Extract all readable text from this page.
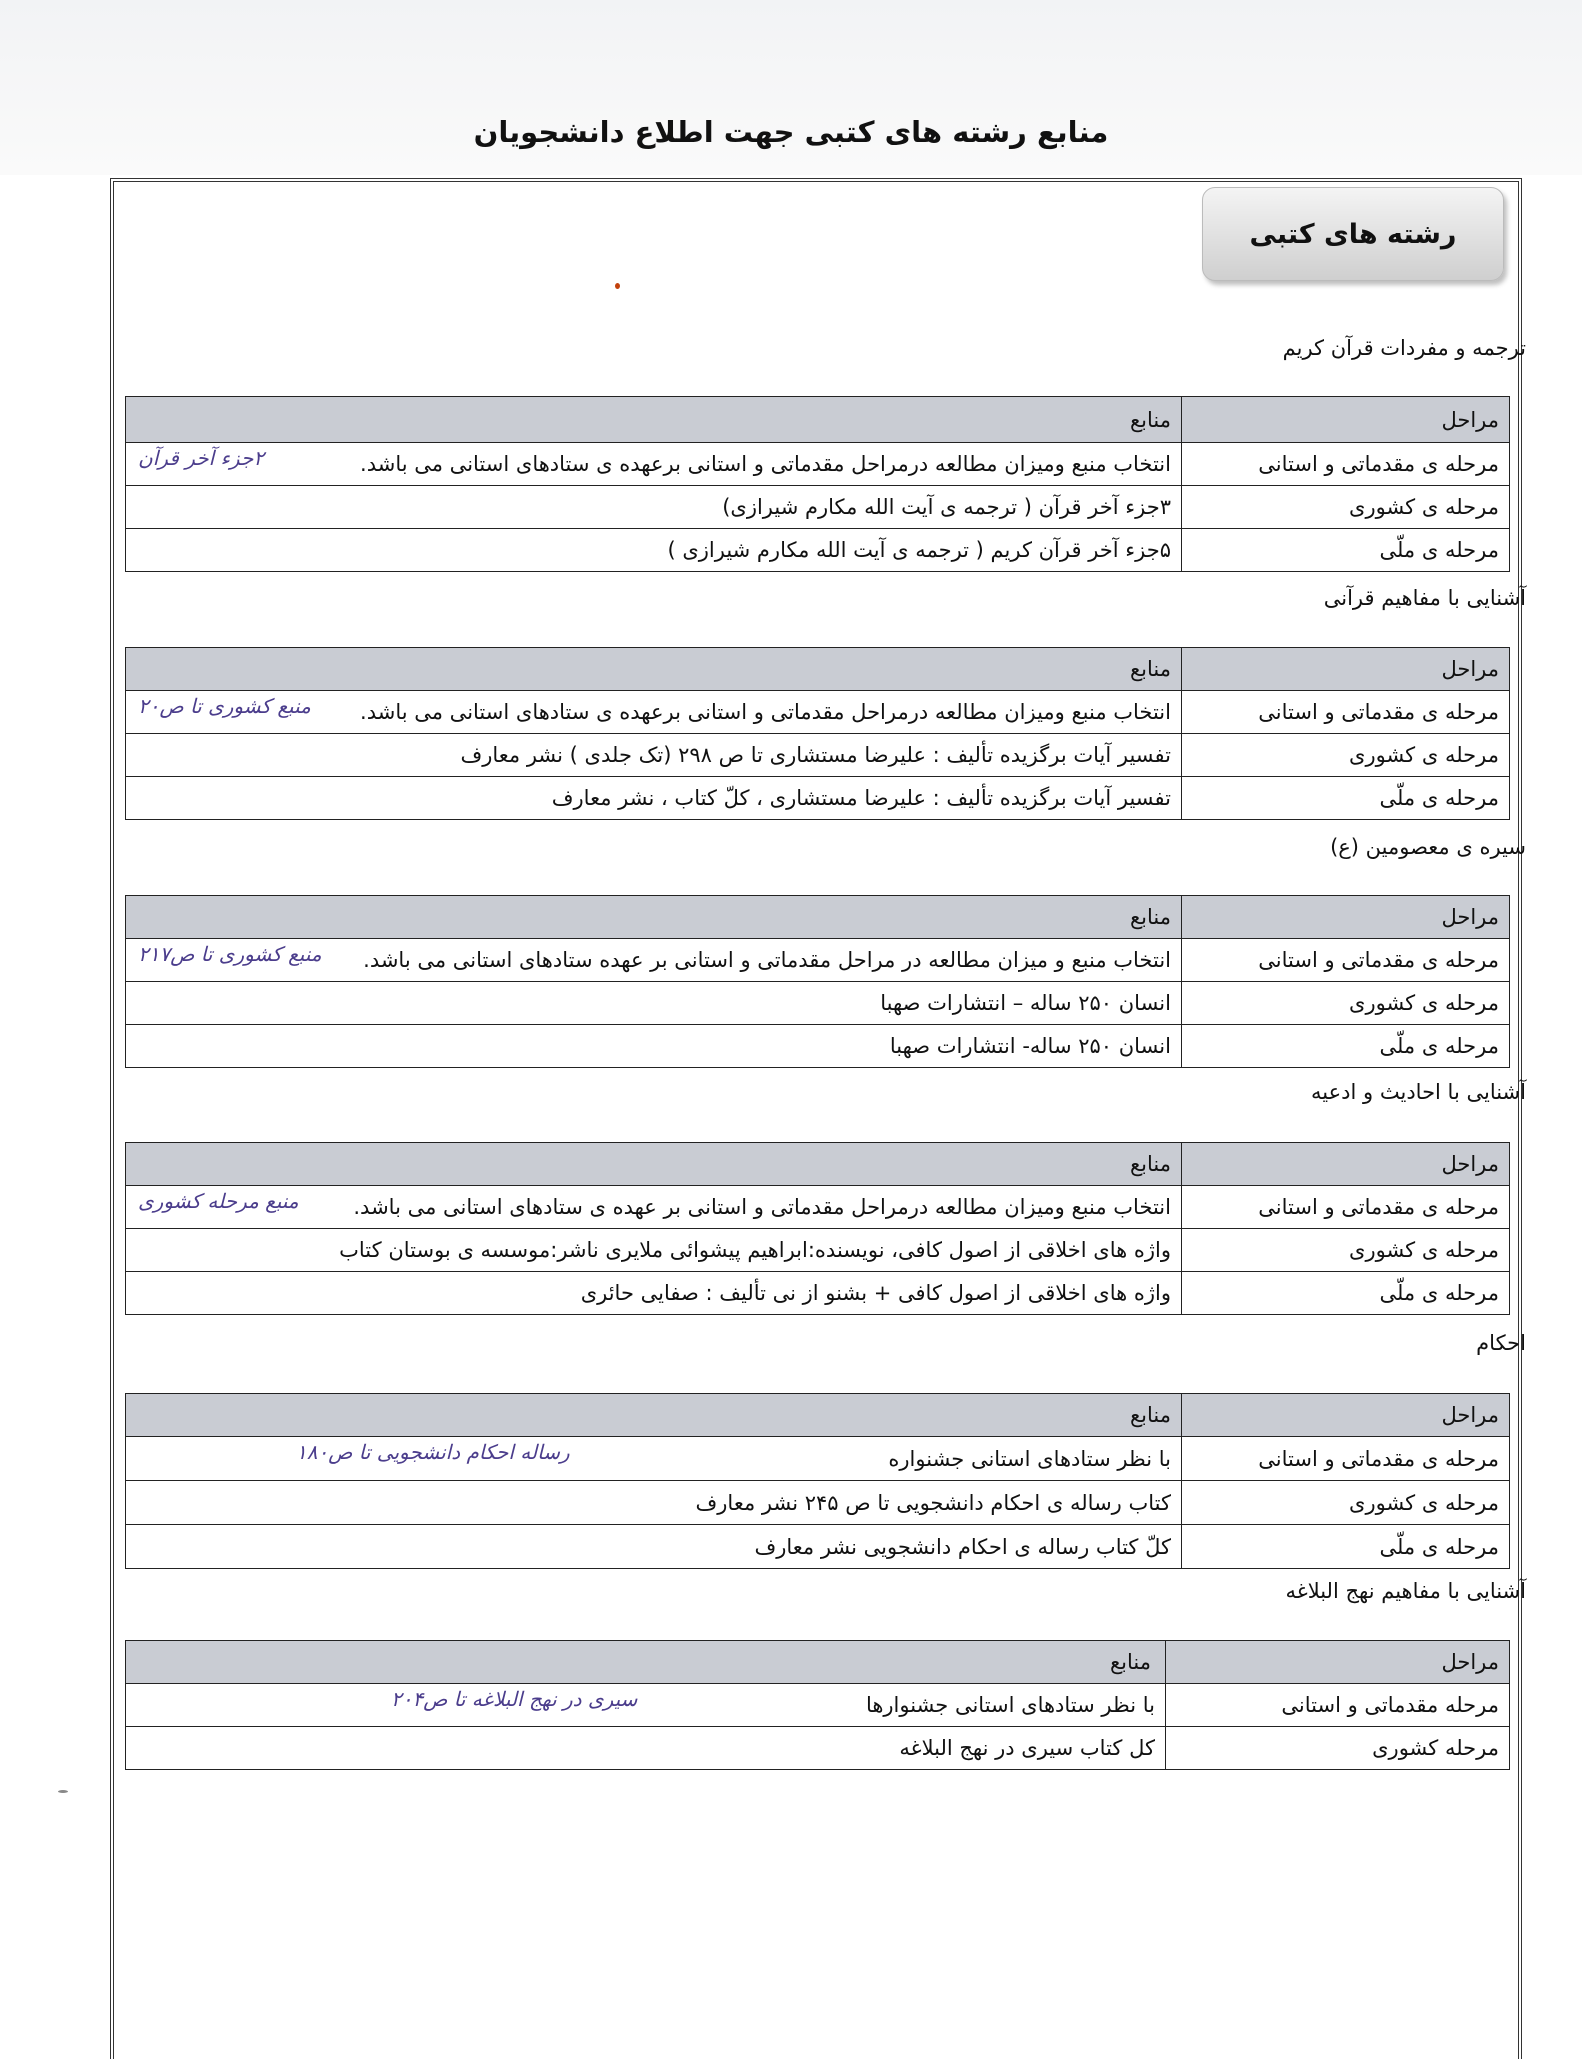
منابع رشته های کتبی جهت اطلاع دانشجویان
رشته های کتبی
ترجمه و مفردات قرآن کریم
مراحل	منابع
مرحله ی مقدماتی و استانی	انتخاب منبع ومیزان مطالعه درمراحل مقدماتی و استانی برعهده ی ستادهای استانی می باشد.
۲جزء آخر قرآن

مرحله ی کشوری	۳جزء آخر قرآن ( ترجمه ی آیت الله مکارم شیرازی)
مرحله ی ملّی	۵جزء آخر قرآن کریم ( ترجمه ی آیت الله مکارم شیرازی )
آشنایی با مفاهیم قرآنی
مراحل	منابع
مرحله ی مقدماتی و استانی	انتخاب منبع ومیزان مطالعه درمراحل مقدماتی و استانی برعهده ی ستادهای استانی می باشد.
منبع کشوری تا ص۲۰

مرحله ی کشوری	تفسیر آیات برگزیده تألیف : علیرضا مستشاری تا ص ۲۹۸ (تک جلدی ) نشر معارف
مرحله ی ملّی	تفسیر آیات برگزیده تألیف : علیرضا مستشاری ، کلّ کتاب ، نشر معارف
سیره ی معصومین (ع)
مراحل	منابع
مرحله ی مقدماتی و استانی	انتخاب منبع و میزان مطالعه در مراحل مقدماتی و استانی بر عهده ستادهای استانی می باشد.
منبع کشوری تا ص۲۱۷

مرحله ی کشوری	انسان ۲۵۰ ساله – انتشارات صهبا
مرحله ی ملّی	انسان ۲۵۰ ساله- انتشارات صهبا
آشنایی با احادیث و ادعیه
مراحل	منابع
مرحله ی مقدماتی و استانی	انتخاب منبع ومیزان مطالعه درمراحل مقدماتی و استانی بر عهده ی ستادهای استانی می باشد.
منبع مرحله کشوری

مرحله ی کشوری	واژه های اخلاقی از اصول کافی، نویسنده:ابراهیم پیشوائی ملایری ناشر:موسسه ی بوستان کتاب
مرحله ی ملّی	واژه های اخلاقی از اصول کافی + بشنو از نی تألیف : صفایی حائری
احکام
مراحل	منابع
مرحله ی مقدماتی و استانی	با نظر ستادهای استانی جشنواره
رساله احکام دانشجویی تا ص۱۸۰

مرحله ی کشوری	کتاب رساله ی احکام دانشجویی تا ص ۲۴۵ نشر معارف
مرحله ی ملّی	کلّ کتاب رساله ی احکام دانشجویی نشر معارف
آشنایی با مفاهیم نهج البلاغه
مراحل	منابع
مرحله مقدماتی و استانی	با نظر ستادهای استانی جشنوارها
سیری در نهج البلاغه تا ص۲۰۴

مرحله کشوری	کل کتاب سیری در نهج البلاغه
